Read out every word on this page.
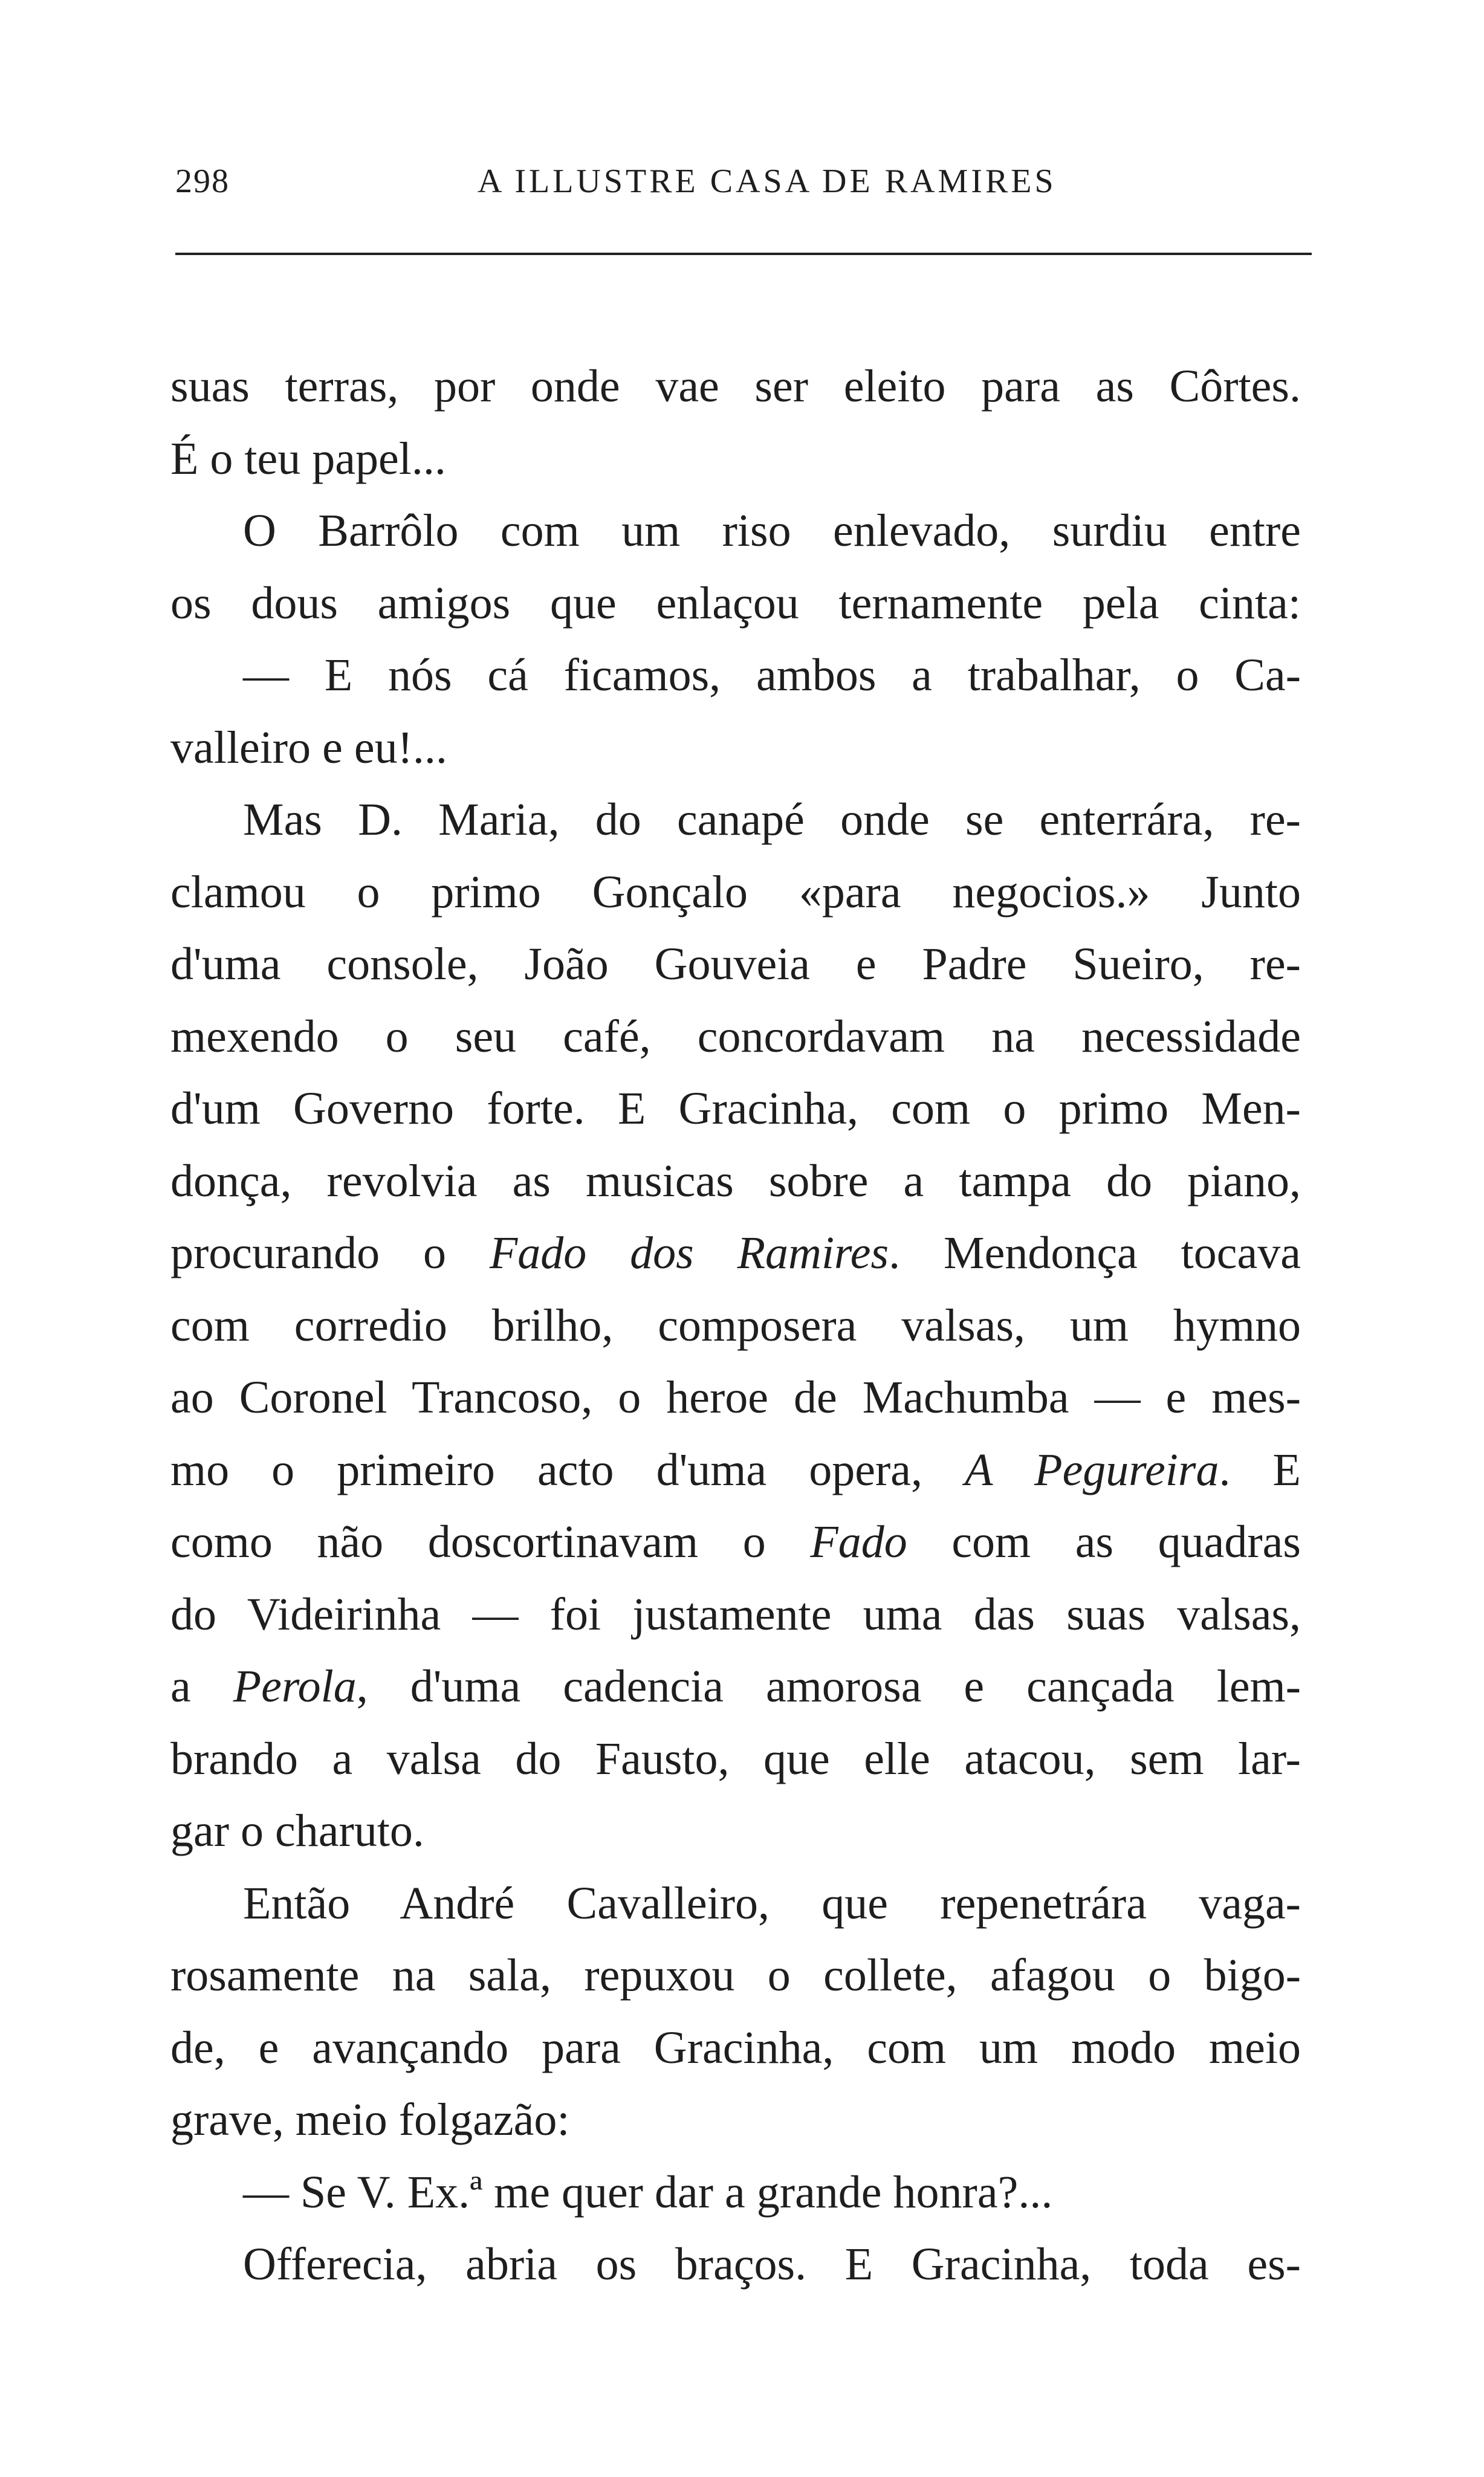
298	A ILLUSTRE CASA DE RAMIRES
suas terras, por onde vae ser eleito para as Côrtes.
É o teu papel...
O Barrôlo com um riso enlevado, surdiu entre
os dous amigos que enlaçou ternamente pela cinta:
— E nós cá ficamos, ambos a trabalhar, o Ca-
valleiro e eu!...
Mas D. Maria, do canapé onde se enterrára, re-
clamou o primo Gonçalo «para negocios.» Junto
d'uma console, João Gouveia e Padre Sueiro, re-
mexendo o seu café, concordavam na necessidade
d'um Governo forte. E Gracinha, com o primo Men-
donça, revolvia as musicas sobre a tampa do piano,
procurando o Fado dos Ramires. Mendonça tocava
com corredio brilho, composera valsas, um hymno
ao Coronel Trancoso, o heroe de Machumba — e mes-
mo o primeiro acto d'uma opera, A Pegureira. E
como não doscortinavam o Fado com as quadras
do Videirinha — foi justamente uma das suas valsas,
a Perola, d'uma cadencia amorosa e cançada lem-
brando a valsa do Fausto, que elle atacou, sem lar-
gar o charuto.
Então André Cavalleiro, que repenetrára vaga-
rosamente na sala, repuxou o collete, afagou o bigo-
de, e avançando para Gracinha, com um modo meio
grave, meio folgazão:
— Se V. Ex.ª me quer dar a grande honra?...
Offerecia, abria os braços. E Gracinha, toda es-
